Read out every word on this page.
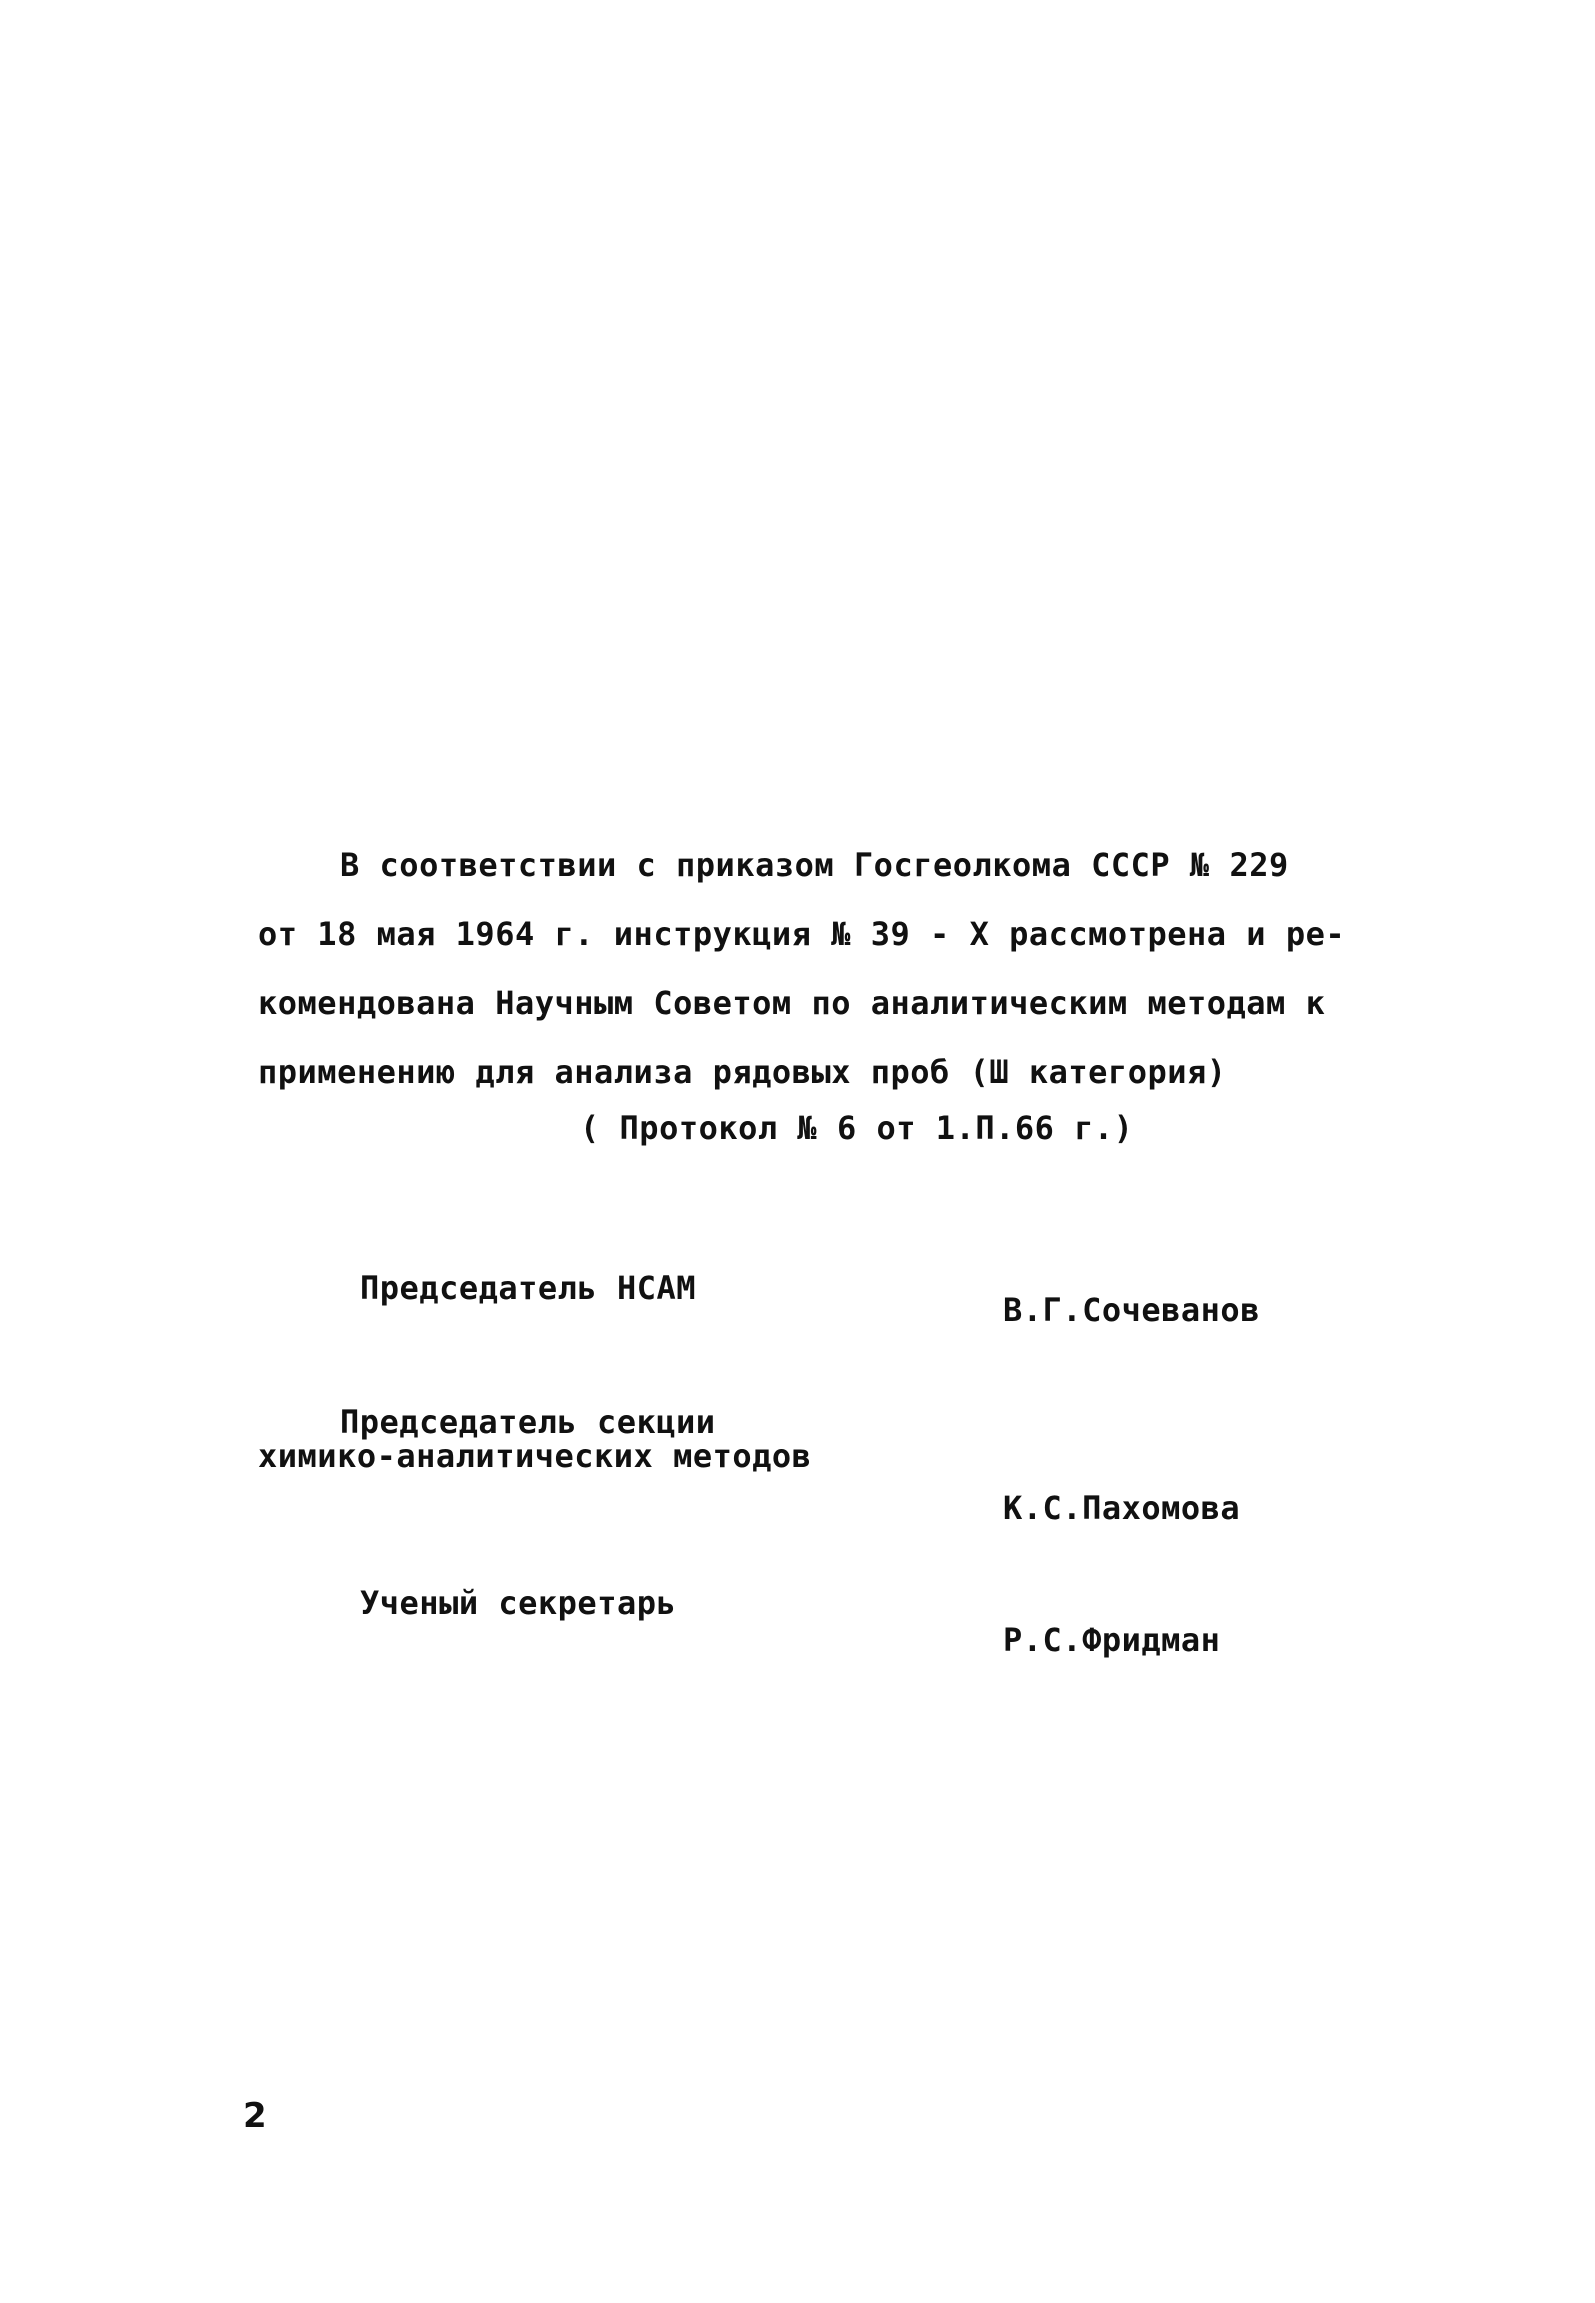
В соответствии с приказом Госгеолкома СССР № 229
от 18 мая 1964 г. инструкция № 39 - Х рассмотрена и ре-
комендована Научным Советом по аналитическим методам к
применению для анализа рядовых проб (Ш категория)
( Протокол № 6 от 1.П.66 г.)
Председатель НСАМ
В.Г.Сочеванов
Председатель секции
химико-аналитических методов
К.С.Пахомова
Ученый секретарь
Р.С.Фридман
2
